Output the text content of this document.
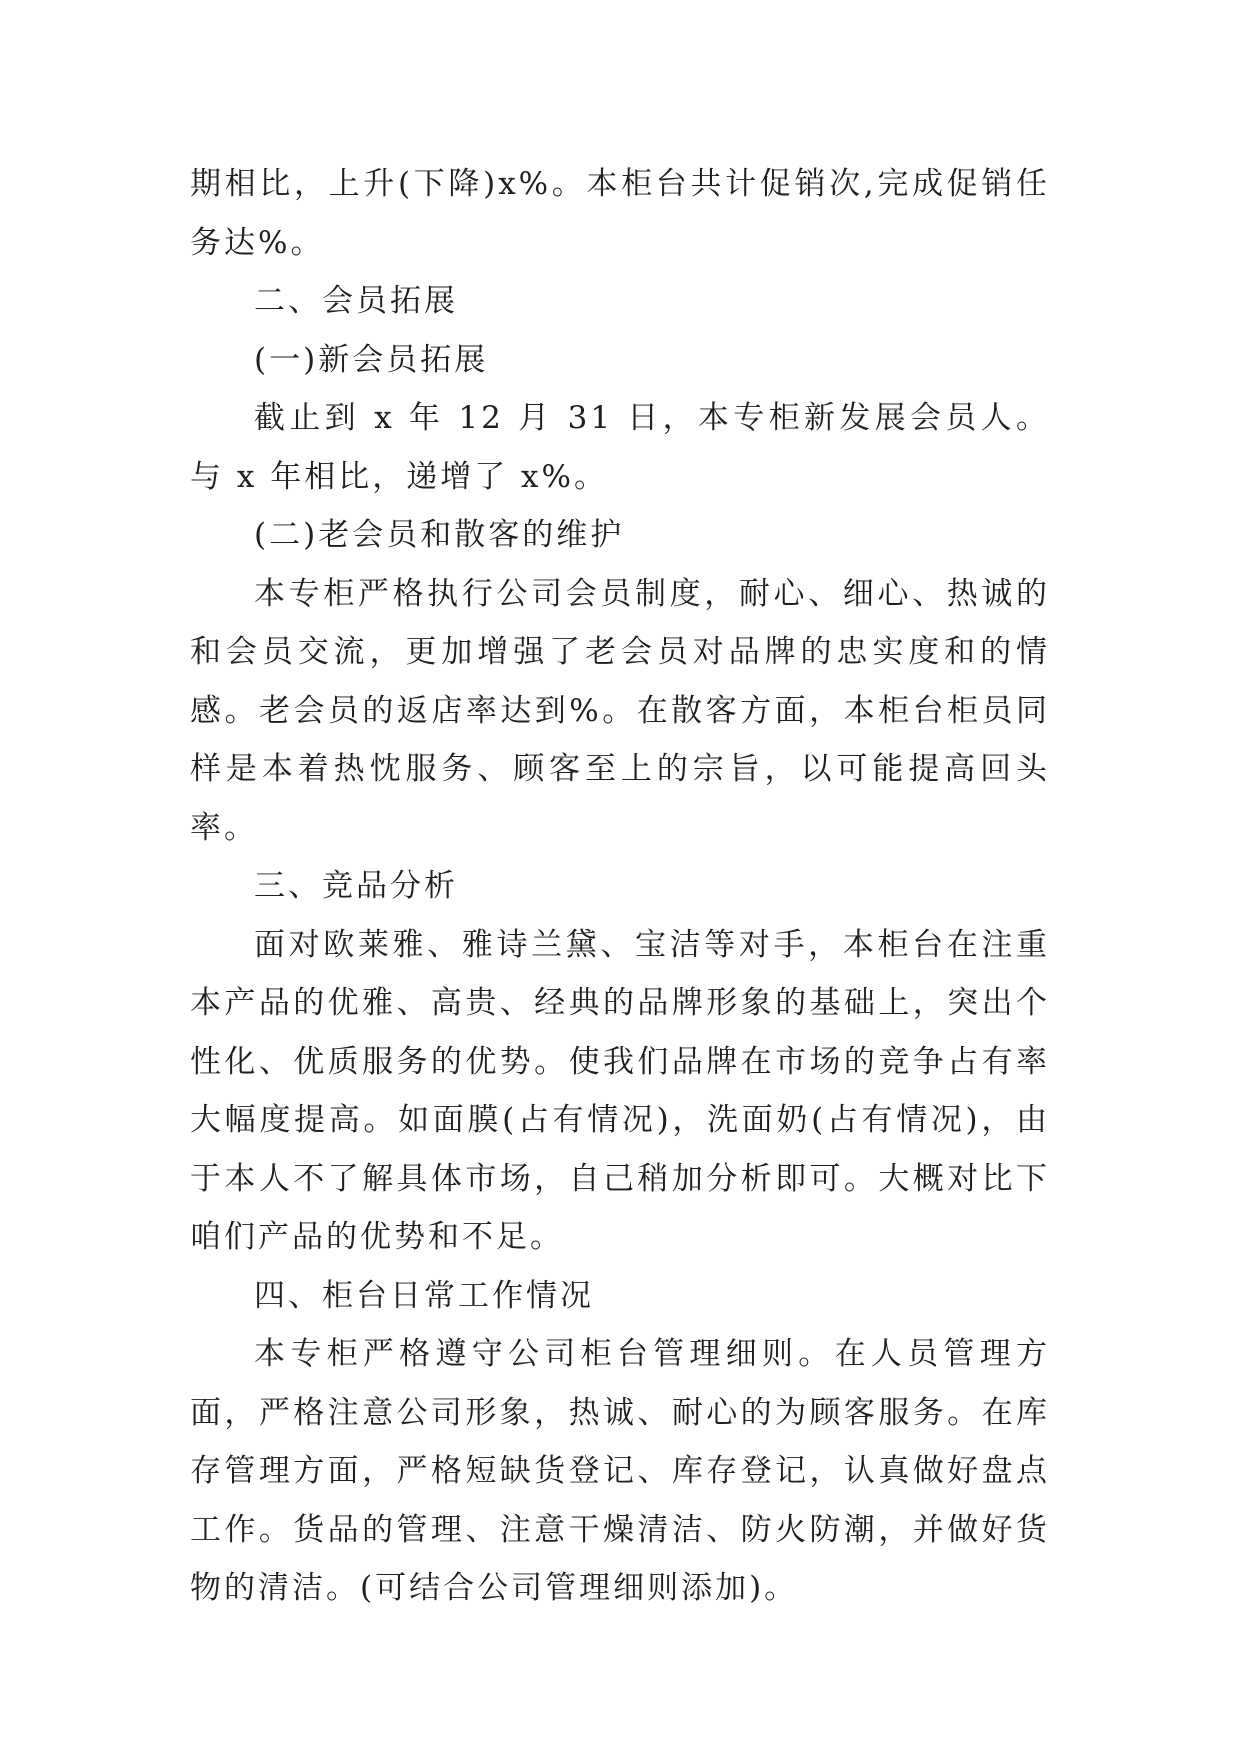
期相比，上升(下降)x%。本柜台共计促销次,完成促销任务达%。

二、会员拓展

(一)新会员拓展

截止到 x 年 12 月 31 日，本专柜新发展会员人。与 x 年相比，递增了 x%。

(二)老会员和散客的维护

本专柜严格执行公司会员制度，耐心、细心、热诚的和会员交流，更加增强了老会员对品牌的忠实度和的情感。老会员的返店率达到%。在散客方面，本柜台柜员同样是本着热忱服务、顾客至上的宗旨，以可能提高回头率。

三、竞品分析

面对欧莱雅、雅诗兰黛、宝洁等对手，本柜台在注重本产品的优雅、高贵、经典的品牌形象的基础上，突出个性化、优质服务的优势。使我们品牌在市场的竞争占有率大幅度提高。如面膜(占有情况)，洗面奶(占有情况)，由于本人不了解具体市场，自己稍加分析即可。大概对比下咱们产品的优势和不足。

四、柜台日常工作情况

本专柜严格遵守公司柜台管理细则。在人员管理方面，严格注意公司形象，热诚、耐心的为顾客服务。在库存管理方面，严格短缺货登记、库存登记，认真做好盘点工作。货品的管理、注意干燥清洁、防火防潮，并做好货物的清洁。(可结合公司管理细则添加)。
